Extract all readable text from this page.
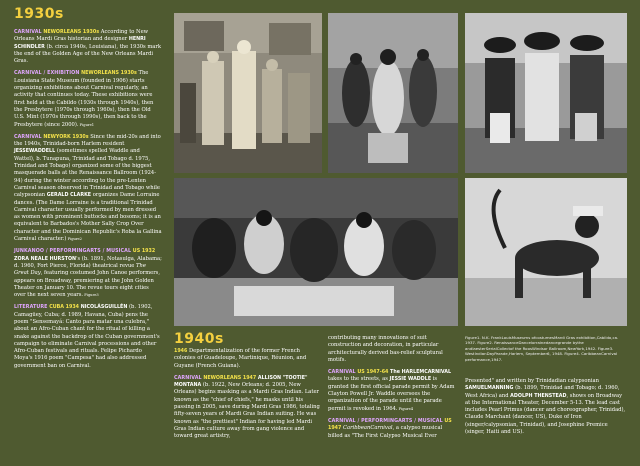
1930s

CARNIVAL NEWORLEANS 1930s According to New Orleans Mardi Gras historian and designer HENRI SCHINDLER (b. circa 1940s, Louisiana), the 1930s mark the end of the Golden Age of the New Orleans Mardi Gras.

CARNIVAL / EXHIBITION NEWORLEANS 1930s The Louisiana State Museum (founded in 1906) starts organizing exhibitions about Carnival regularly, an activity that continues today. These exhibitions were first held at the Cabildo (1930s through 1940s), then the Presbytere (1970s through 1960s), then the Old U.S. Mint (1970s through 1990s), then back to the Presbytere (since 2000). Figure1

CARNIVAL NEWYORK 1930s Since the mid-20s and into the 1940s, Trinidad-born Harlem resident JESSEWADDELL (sometimes spelled Waddle and Wattel), b. Tunapuna, Trinidad and Tobago d. 1975, Trinidad and Tobago) organized some of the biggest masquerade balls at the Renaissance Ballroom (1924-94) during the winter according to the pre-Lenten Carnival season observed in Trinidad and Tobago while calypsonian GERALD CLARKE organizes Dame Lorraine dances. (The Dame Lorraine is a traditional Trinidad Carnival character usually performed by men dressed as women with prominent buttocks and bosoms; it is an equivalent to Barbados's Mother Sally Crop Over character and the Dominican Republic's Roba la Gallina Carnival character.) Figure2

JUNKANOO / PERFORMINGARTS / MUSICAL US 1932 ZORA NEALE HURSTON's (b. 1891, Notasulga, Alabama; d. 1960, Fort Pierce, Florida) theatrical revue The Great Day, featuring costumed John Canoe performers, appears on Broadway, premiering at the John Golden Theater on January 10. The revue tours eight cities over the next seven years. Figure3

LITERATURE CUBA 1934 NICOLÁSGUILLÉN (b. 1902, Camagüey, Cuba; d. 1989, Havana, Cuba) pens the poem "Sensemayá: Canto para matar una culebra," about an Afro-Cuban chant for the ritual of killing a snake against the backdrop of the Cuban government's campaign to eliminate Carnival processions and other Afro-Cuban festivals and rituals. Felipe Pichardo Moya's 1916 poem "Campesa" had also addressed government ban on Carnival.

1940s

1946 Departmentalization of the former French colonies of Guadeloupe, Martinique, Réunion, and Guyane (French Guiana).

CARNIVAL NEWORLEANS 1947 ALLISON "TOOTIE" MONTANA (b. 1922, New Orleans; d. 2005, New Orleans) begins masking as a Mardi Gras Indian. Later known as the "chief of chiefs," he masks until his passing in 2005, save during Mardi Gras 1986, totaling fifty-seven years of Mardi Gras Indian suiting. He was known as "the prettiest" Indian for having led Mardi Gras Indian culture away from gang violence and toward great artistry,

contributing many innovations of suit construction and decoration, in particular architecturally derived bas-relief sculptural motifs.

CARNIVAL US 1947-64 The HARLEMCARNIVAL takes to the streets, as JESSIE WADDLE is granted the first official parade permit by Adam Clayton Powell Jr. Waddle oversees the organization of the parade until the parade permit is revoked in 1964. Figure4

CARNIVAL / PERFORMINGARTS / MUSICAL US 1947 CaribbeanCarnival, a calypso musical billed as "The First Calypso Musical Ever

Figure1. N.K. FrankLouisMuseums ofcostumesMardi Gras exhibition,Cabildo,ca. 1937. Figure2. RenaissanceDancelorrainedancegrande bythe andlaesterSerialCollectof the RoosWindsor Ballroom,NewYork,1942. Figure3. WestIndianDayParade,Harlem, September6, 1948. Figure4. CaribbeanCarnival performance,1947.

Presented" and written by Trinidadian calypsonian SAMUELMANNING (b. 1899, Trinidad and Tobago; d. 1960, West Africa) and ADOLPH THENSTEAD, shows on Broadway at the International Theater, December 5-13. The lead cast includes Pearl Primus (dancer and choreographer, Trinidad), Claude Marchant (dancer, US), Duke of Iron (singer/calypsonian, Trinidad), and Josephine Premice (singer, Haiti and US).
